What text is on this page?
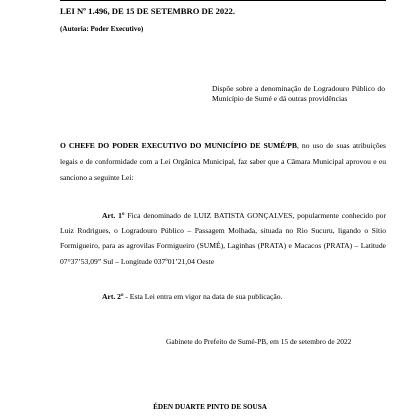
LEI Nº 1.496, DE 15 DE SETEMBRO DE 2022.
(Autoria: Poder Executivo)
Dispõe sobre a denominação de Logradouro Público do Município de Sumé e dá outras providências
O CHEFE DO PODER EXECUTIVO DO MUNICÍPIO DE SUMÉ/PB, no uso de suas atribuições legais e de conformidade com a Lei Orgânica Municipal, faz saber que a Câmara Municipal aprovou e eu sanciono a seguinte Lei:
Art. 1º Fica denominado de LUIZ BATISTA GONÇALVES, popularmente conhecido por Luiz Rodrigues, o Logradouro Público – Passagem Molhada, situada no Rio Sucuru, ligando o Sítio Formigueiro, para as agrovilas Formigueiro (SUMÉ), Laginhas (PRATA) e Macacos (PRATA) – Latitude 07°37’53,09” Sul – Longitude 037º01’21,04 Oeste
Art. 2º - Esta Lei entra em vigor na data de sua publicação.
Gabinete do Prefeito de Sumé-PB, em 15 de setembro de 2022
ÉDEN DUARTE PINTO DE SOUSA
